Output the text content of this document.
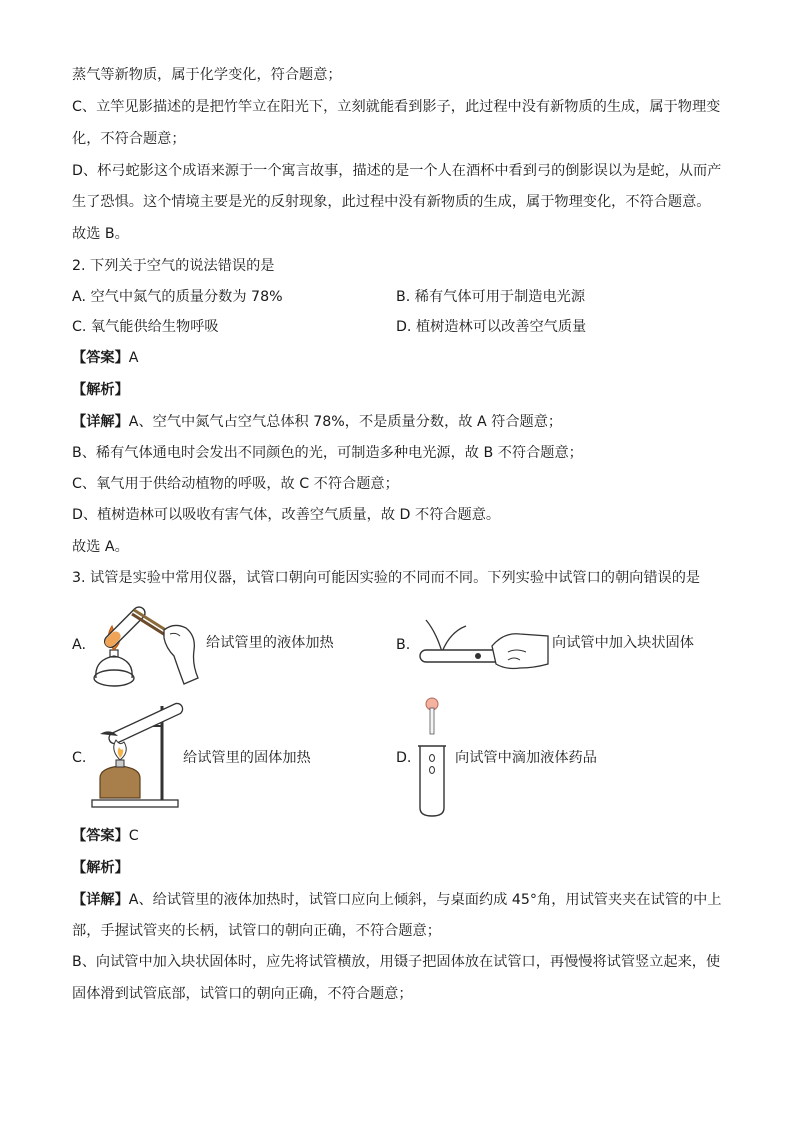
蒸气等新物质，属于化学变化，符合题意；
C、立竿见影描述的是把竹竿立在阳光下，立刻就能看到影子，此过程中没有新物质的生成，属于物理变
化，不符合题意；
D、杯弓蛇影这个成语来源于一个寓言故事，描述的是一个人在酒杯中看到弓的倒影误以为是蛇，从而产
生了恐惧。这个情境主要是光的反射现象，此过程中没有新物质的生成，属于物理变化，不符合题意。
故选 B。
2. 下列关于空气的说法错误的是
A. 空气中氮气的质量分数为 78%	B. 稀有气体可用于制造电光源
C. 氧气能供给生物呼吸	D. 植树造林可以改善空气质量
【答案】A
【解析】
【详解】A、空气中氮气占空气总体积 78%，不是质量分数，故 A 符合题意；
B、稀有气体通电时会发出不同颜色的光，可制造多种电光源，故 B 不符合题意；
C、氧气用于供给动植物的呼吸，故 C 不符合题意；
D、植树造林可以吸收有害气体，改善空气质量，故 D 不符合题意。
故选 A。
3. 试管是实验中常用仪器，试管口朝向可能因实验的不同而不同。下列实验中试管口的朝向错误的是
A.	给试管里的液体加热	B.	向试管中加入块状固体
C.	给试管里的固体加热	D.	向试管中滴加液体药品
【答案】C
【解析】
【详解】A、给试管里的液体加热时，试管口应向上倾斜，与桌面约成 45°角，用试管夹夹在试管的中上
部，手握试管夹的长柄，试管口的朝向正确，不符合题意；
B、向试管中加入块状固体时，应先将试管横放，用镊子把固体放在试管口，再慢慢将试管竖立起来，使
固体滑到试管底部，试管口的朝向正确，不符合题意；
